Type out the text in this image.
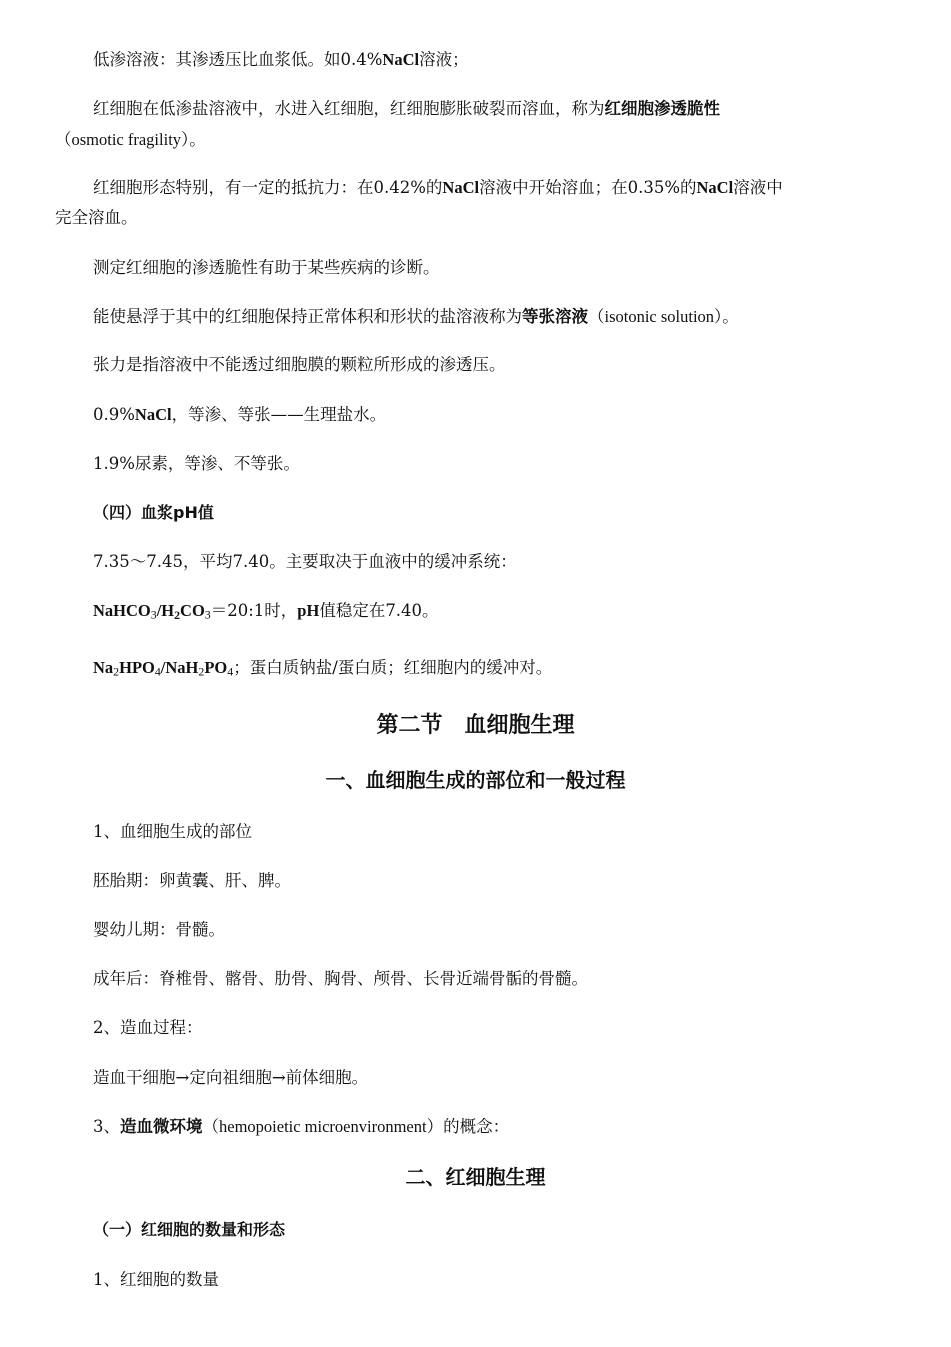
低渗溶液：其渗透压比血浆低。如0.4%NaCl溶液；
红细胞在低渗盐溶液中，水进入红细胞，红细胞膨胀破裂而溶血，称为红细胞渗透脆性
（osmotic fragility）。
红细胞形态特别，有一定的抵抗力：在0.42%的NaCl溶液中开始溶血；在0.35%的NaCl溶液中
完全溶血。
测定红细胞的渗透脆性有助于某些疾病的诊断。
能使悬浮于其中的红细胞保持正常体积和形状的盐溶液称为等张溶液（isotonic solution）。
张力是指溶液中不能透过细胞膜的颗粒所形成的渗透压。
0.9%NaCl，等渗、等张——生理盐水。
1.9%尿素，等渗、不等张。
（四）血浆pH值
7.35～7.45，平均7.40。主要取决于血液中的缓冲系统：
$NaHCO3/H_2CO3=20:1$时，pH值稳定在7.40。
Na2HPO4/NaH2PO4；蛋白质钠盐/蛋白质；红细胞内的缓冲对。
第二节　血细胞生理
一、血细胞生成的部位和一般过程
1、血细胞生成的部位
胚胎期：卵黄囊、肝、脾。
婴幼儿期：骨髓。
成年后：脊椎骨、髂骨、肋骨、胸骨、颅骨、长骨近端骨骺的骨髓。
2、造血过程：
造血干细胞→定向祖细胞→前体细胞。
3、造血微环境（hemopoietic microenvironment）的概念：
二、红细胞生理
（一）红细胞的数量和形态
1、红细胞的数量
